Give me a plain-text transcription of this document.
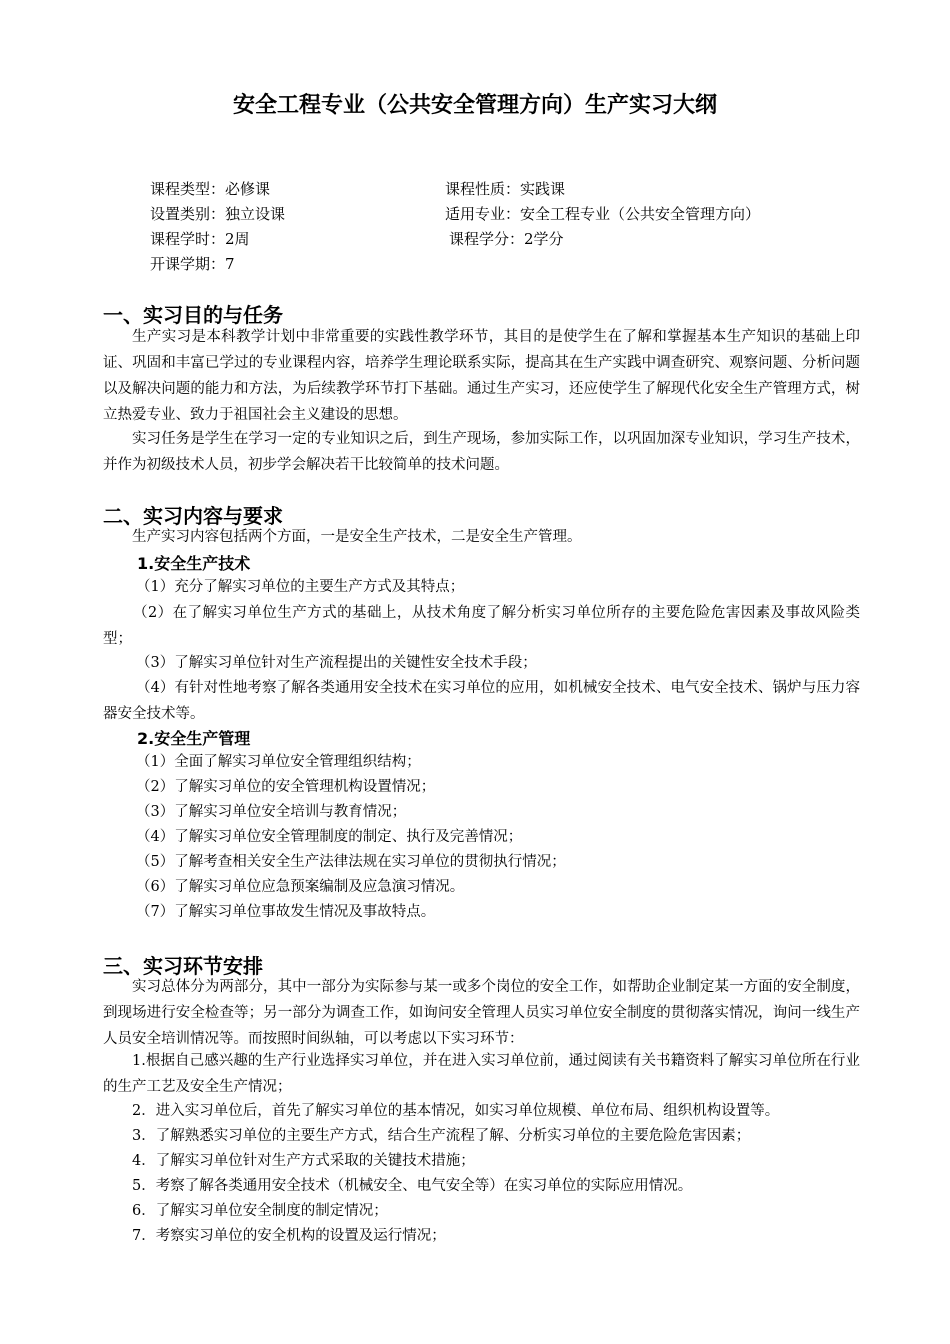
安全工程专业（公共安全管理方向）生产实习大纲
课程类型：必修课	课程性质：实践课
设置类别：独立设课	适用专业：安全工程专业（公共安全管理方向）
课程学时：2周	课程学分：2学分
开课学期：7
一、实习目的与任务
生产实习是本科教学计划中非常重要的实践性教学环节，其目的是使学生在了解和掌握基本生产知识的基础上印证、巩固和丰富已学过的专业课程内容，培养学生理论联系实际，提高其在生产实践中调查研究、观察问题、分析问题以及解决问题的能力和方法，为后续教学环节打下基础。通过生产实习，还应使学生了解现代化安全生产管理方式，树立热爱专业、致力于祖国社会主义建设的思想。
实习任务是学生在学习一定的专业知识之后，到生产现场，参加实际工作，以巩固加深专业知识，学习生产技术，并作为初级技术人员，初步学会解决若干比较简单的技术问题。
二、实习内容与要求
生产实习内容包括两个方面，一是安全生产技术，二是安全生产管理。
1.安全生产技术
（1）充分了解实习单位的主要生产方式及其特点；
（2）在了解实习单位生产方式的基础上，从技术角度了解分析实习单位所存的主要危险危害因素及事故风险类型；
（3）了解实习单位针对生产流程提出的关键性安全技术手段；
（4）有针对性地考察了解各类通用安全技术在实习单位的应用，如机械安全技术、电气安全技术、锅炉与压力容器安全技术等。
2.安全生产管理
（1）全面了解实习单位安全管理组织结构；
（2）了解实习单位的安全管理机构设置情况；
（3）了解实习单位安全培训与教育情况；
（4）了解实习单位安全管理制度的制定、执行及完善情况；
（5）了解考查相关安全生产法律法规在实习单位的贯彻执行情况；
（6）了解实习单位应急预案编制及应急演习情况。
（7）了解实习单位事故发生情况及事故特点。
三、实习环节安排
实习总体分为两部分，其中一部分为实际参与某一或多个岗位的安全工作，如帮助企业制定某一方面的安全制度，到现场进行安全检查等；另一部分为调查工作，如询问安全管理人员实习单位安全制度的贯彻落实情况，询问一线生产人员安全培训情况等。而按照时间纵轴，可以考虑以下实习环节：
1.根据自己感兴趣的生产行业选择实习单位，并在进入实习单位前，通过阅读有关书籍资料了解实习单位所在行业的生产工艺及安全生产情况；
2．进入实习单位后，首先了解实习单位的基本情况，如实习单位规模、单位布局、组织机构设置等。
3．了解熟悉实习单位的主要生产方式，结合生产流程了解、分析实习单位的主要危险危害因素；
4．了解实习单位针对生产方式采取的关键技术措施；
5．考察了解各类通用安全技术（机械安全、电气安全等）在实习单位的实际应用情况。
6．了解实习单位安全制度的制定情况；
7．考察实习单位的安全机构的设置及运行情况；
